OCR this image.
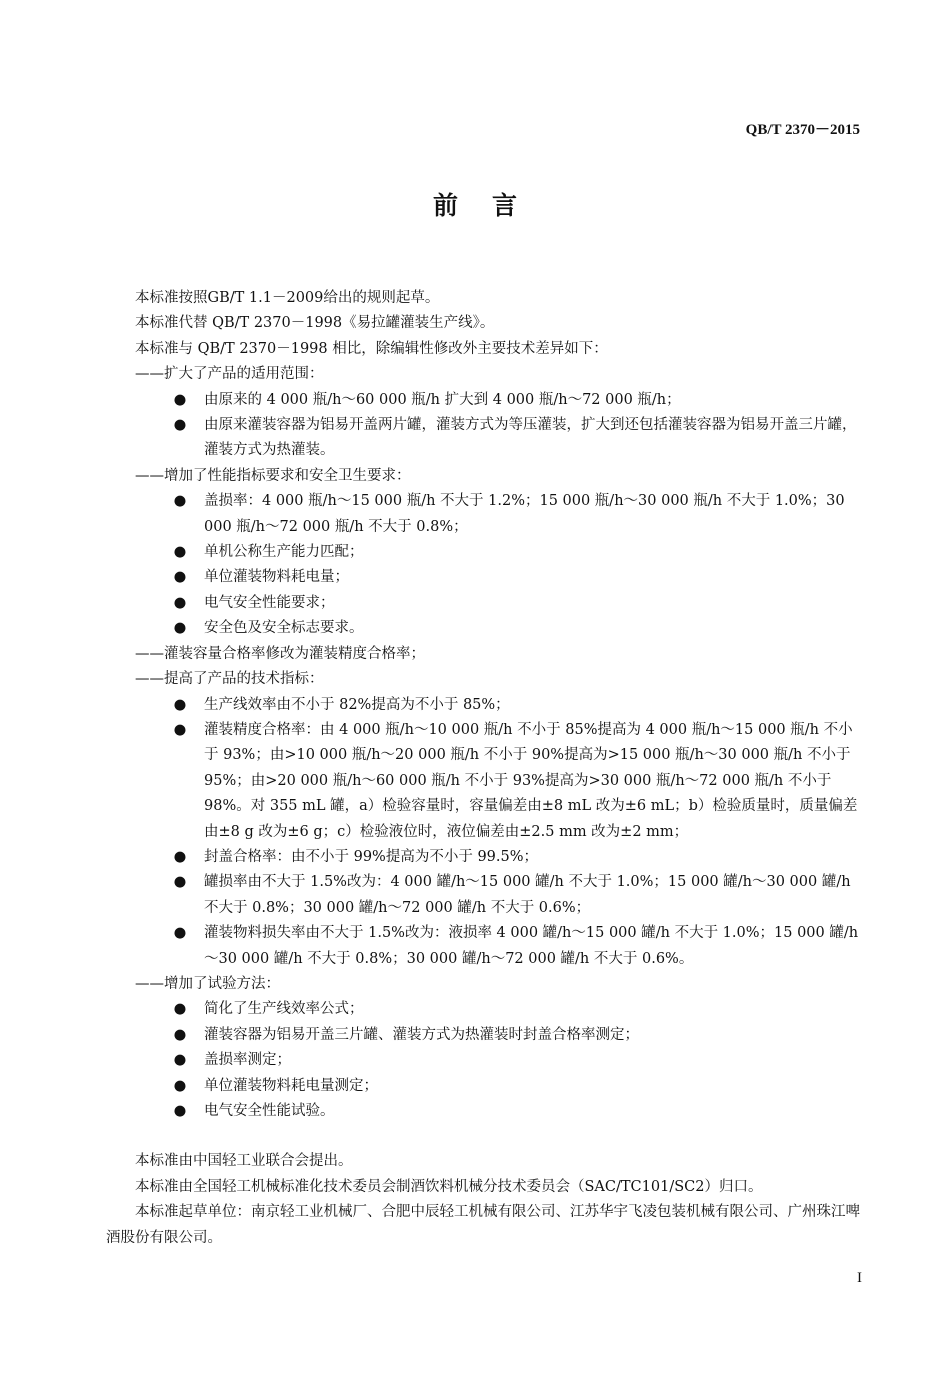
QB/T 2370－2015
前言

本标准按照GB/T 1.1－2009给出的规则起草。

本标准代替 QB/T 2370－1998《易拉罐灌装生产线》。

本标准与 QB/T 2370－1998 相比，除编辑性修改外主要技术差异如下：

——扩大了产品的适用范围：

● 由原来的 4 000 瓶/h～60 000 瓶/h 扩大到 4 000 瓶/h～72 000 瓶/h；

● 由原来灌装容器为铝易开盖两片罐，灌装方式为等压灌装，扩大到还包括灌装容器为铝易开盖三片罐，灌装方式为热灌装。

——增加了性能指标要求和安全卫生要求：

● 盖损率：4 000 瓶/h～15 000 瓶/h 不大于 1.2%；15 000 瓶/h～30 000 瓶/h 不大于 1.0%；30 000 瓶/h～72 000 瓶/h 不大于 0.8%；

● 单机公称生产能力匹配；

● 单位灌装物料耗电量；

● 电气安全性能要求；

● 安全色及安全标志要求。

——灌装容量合格率修改为灌装精度合格率；

——提高了产品的技术指标：

● 生产线效率由不小于 82%提高为不小于 85%；

● 灌装精度合格率：由 4 000 瓶/h～10 000 瓶/h 不小于 85%提高为 4 000 瓶/h～15 000 瓶/h 不小于 93%；由>10 000 瓶/h～20 000 瓶/h 不小于 90%提高为>15 000 瓶/h～30 000 瓶/h 不小于 95%；由>20 000 瓶/h～60 000 瓶/h 不小于 93%提高为>30 000 瓶/h～72 000 瓶/h 不小于 98%。对 355 mL 罐，a）检验容量时，容量偏差由±8 mL 改为±6 mL；b）检验质量时，质量偏差由±8 g 改为±6 g；c）检验液位时，液位偏差由±2.5 mm 改为±2 mm；

● 封盖合格率：由不小于 99%提高为不小于 99.5%；

● 罐损率由不大于 1.5%改为：4 000 罐/h～15 000 罐/h 不大于 1.0%；15 000 罐/h～30 000 罐/h 不大于 0.8%；30 000 罐/h～72 000 罐/h 不大于 0.6%；

● 灌装物料损失率由不大于 1.5%改为：液损率 4 000 罐/h～15 000 罐/h 不大于 1.0%；15 000 罐/h～30 000 罐/h 不大于 0.8%；30 000 罐/h～72 000 罐/h 不大于 0.6%。

——增加了试验方法：

● 简化了生产线效率公式；

● 灌装容器为铝易开盖三片罐、灌装方式为热灌装时封盖合格率测定；

● 盖损率测定；

● 单位灌装物料耗电量测定；

● 电气安全性能试验。

本标准由中国轻工业联合会提出。

本标准由全国轻工机械标准化技术委员会制酒饮料机械分技术委员会（SAC/TC101/SC2）归口。

本标准起草单位：南京轻工业机械厂、合肥中辰轻工机械有限公司、江苏华宇飞凌包装机械有限公司、广州珠江啤酒股份有限公司。

I
